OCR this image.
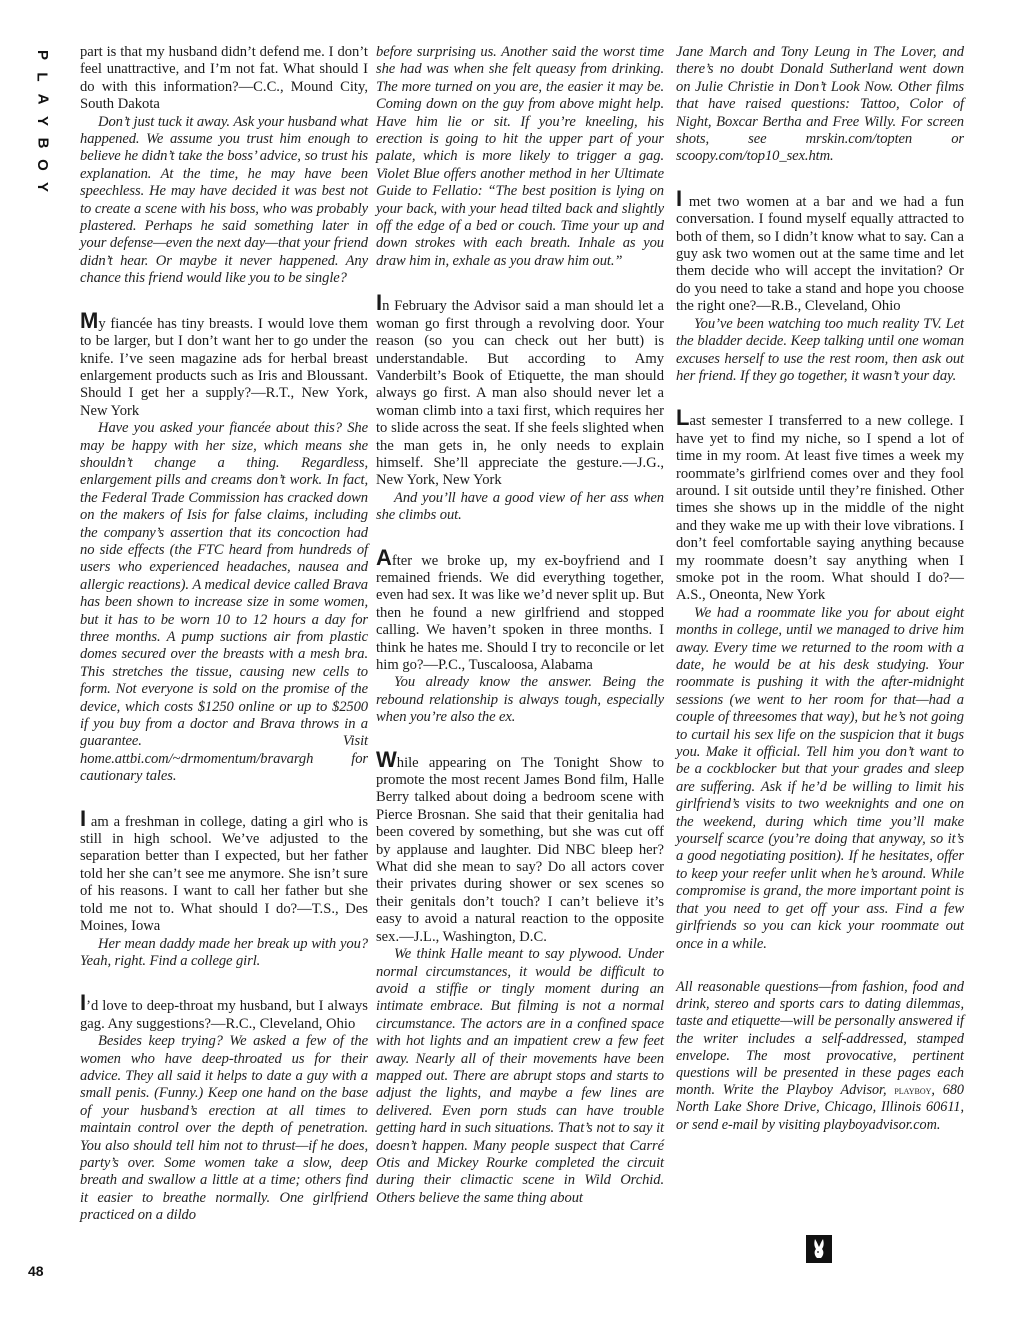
P
L
A
Y
B
O
Y
48

part is that my husband didn’t defend me. I don’t feel unattractive, and I’m not fat. What should I do with this information?—C.C., Mound City, South Dakota

Don’t just tuck it away. Ask your husband what happened. We assume you trust him enough to believe he didn’t take the boss’ advice, so trust his explanation. At the time, he may have been speechless. He may have decided it was best not to create a scene with his boss, who was probably plastered. Perhaps he said something later in your defense—even the next day—that your friend didn’t hear. Or maybe it never happened. Any chance this friend would like you to be single?

My fiancée has tiny breasts. I would love them to be larger, but I don’t want her to go under the knife. I’ve seen magazine ads for herbal breast enlargement products such as Iris and Bloussant. Should I get her a supply?—R.T., New York, New York

Have you asked your fiancée about this? She may be happy with her size, which means she shouldn’t change a thing. Regardless, enlargement pills and creams don’t work. In fact, the Federal Trade Commission has cracked down on the makers of Isis for false claims, including the company’s assertion that its concoction had no side effects (the FTC heard from hundreds of users who experienced headaches, nausea and allergic reactions). A medical device called Brava has been shown to increase size in some women, but it has to be worn 10 to 12 hours a day for three months. A pump suctions air from plastic domes secured over the breasts with a mesh bra. This stretches the tissue, causing new cells to form. Not everyone is sold on the promise of the device, which costs $1250 online or up to $2500 if you buy from a doctor and Brava throws in a guarantee. Visit home.attbi.com/~drmomentum/bravargh for cautionary tales.

I am a freshman in college, dating a girl who is still in high school. We’ve adjusted to the separation better than I expected, but her father told her she can’t see me anymore. She isn’t sure of his reasons. I want to call her father but she told me not to. What should I do?—T.S., Des Moines, Iowa

Her mean daddy made her break up with you? Yeah, right. Find a college girl.

I’d love to deep-throat my husband, but I always gag. Any suggestions?—R.C., Cleveland, Ohio

Besides keep trying? We asked a few of the women who have deep-throated us for their advice. They all said it helps to date a guy with a small penis. (Funny.) Keep one hand on the base of your husband’s erection at all times to maintain control over the depth of penetration. You also should tell him not to thrust—if he does, party’s over. Some women take a slow, deep breath and swallow a little at a time; others find it easier to breathe normally. One girlfriend practiced on a dildo

before surprising us. Another said the worst time she had was when she felt queasy from drinking. The more turned on you are, the easier it may be. Coming down on the guy from above might help. Have him lie or sit. If you’re kneeling, his erection is going to hit the upper part of your palate, which is more likely to trigger a gag. Violet Blue offers another method in her Ultimate Guide to Fellatio: “The best position is lying on your back, with your head tilted back and slightly off the edge of a bed or couch. Time your up and down strokes with each breath. Inhale as you draw him in, exhale as you draw him out.”

In February the Advisor said a man should let a woman go first through a revolving door. Your reason (so you can check out her butt) is understandable. But according to Amy Vanderbilt’s Book of Etiquette, the man should always go first. A man also should never let a woman climb into a taxi first, which requires her to slide across the seat. If she feels slighted when the man gets in, he only needs to explain himself. She’ll appreciate the gesture.—J.G., New York, New York

And you’ll have a good view of her ass when she climbs out.

After we broke up, my ex-boyfriend and I remained friends. We did everything together, even had sex. It was like we’d never split up. But then he found a new girlfriend and stopped calling. We haven’t spoken in three months. I think he hates me. Should I try to reconcile or let him go?—P.C., Tuscaloosa, Alabama

You already know the answer. Being the rebound relationship is always tough, especially when you’re also the ex.

While appearing on The Tonight Show to promote the most recent James Bond film, Halle Berry talked about doing a bedroom scene with Pierce Brosnan. She said that their genitalia had been covered by something, but she was cut off by applause and laughter. Did NBC bleep her? What did she mean to say? Do all actors cover their privates during shower or sex scenes so their genitals don’t touch? I can’t believe it’s easy to avoid a natural reaction to the opposite sex.—J.L., Washington, D.C.

We think Halle meant to say plywood. Under normal circumstances, it would be difficult to avoid a stiffie or tingly moment during an intimate embrace. But filming is not a normal circumstance. The actors are in a confined space with hot lights and an impatient crew a few feet away. Nearly all of their movements have been mapped out. There are abrupt stops and starts to adjust the lights, and maybe a few lines are delivered. Even porn studs can have trouble getting hard in such situations. That’s not to say it doesn’t happen. Many people suspect that Carré Otis and Mickey Rourke completed the circuit during their climactic scene in Wild Orchid. Others believe the same thing about

Jane March and Tony Leung in The Lover, and there’s no doubt Donald Sutherland went down on Julie Christie in Don’t Look Now. Other films that have raised questions: Tattoo, Color of Night, Boxcar Bertha and Free Willy. For screen shots, see mrskin.com/topten or scoopy.com/top10_sex.htm.

I met two women at a bar and we had a fun conversation. I found myself equally attracted to both of them, so I didn’t know what to say. Can a guy ask two women out at the same time and let them decide who will accept the invitation? Or do you need to take a stand and hope you choose the right one?—R.B., Cleveland, Ohio

You’ve been watching too much reality TV. Let the bladder decide. Keep talking until one woman excuses herself to use the rest room, then ask out her friend. If they go together, it wasn’t your day.

Last semester I transferred to a new college. I have yet to find my niche, so I spend a lot of time in my room. At least five times a week my roommate’s girlfriend comes over and they fool around. I sit outside until they’re finished. Other times she shows up in the middle of the night and they wake me up with their love vibrations. I don’t feel comfortable saying anything because my roommate doesn’t say anything when I smoke pot in the room. What should I do?—A.S., Oneonta, New York

We had a roommate like you for about eight months in college, until we managed to drive him away. Every time we returned to the room with a date, he would be at his desk studying. Your roommate is pushing it with the after-midnight sessions (we went to her room for that—had a couple of threesomes that way), but he’s not going to curtail his sex life on the suspicion that it bugs you. Make it official. Tell him you don’t want to be a cockblocker but that your grades and sleep are suffering. Ask if he’d be willing to limit his girlfriend’s visits to two weeknights and one on the weekend, during which time you’ll make yourself scarce (you’re doing that anyway, so it’s a good negotiating position). If he hesitates, offer to keep your reefer unlit when he’s around. While compromise is grand, the more important point is that you need to get off your ass. Find a few girlfriends so you can kick your roommate out once in a while.

All reasonable questions—from fashion, food and drink, stereo and sports cars to dating dilemmas, taste and etiquette—will be personally answered if the writer includes a self-addressed, stamped envelope. The most provocative, pertinent questions will be presented in these pages each month. Write the Playboy Advisor, playboy, 680 North Lake Shore Drive, Chicago, Illinois 60611, or send e-mail by visiting playboyadvisor.com.
